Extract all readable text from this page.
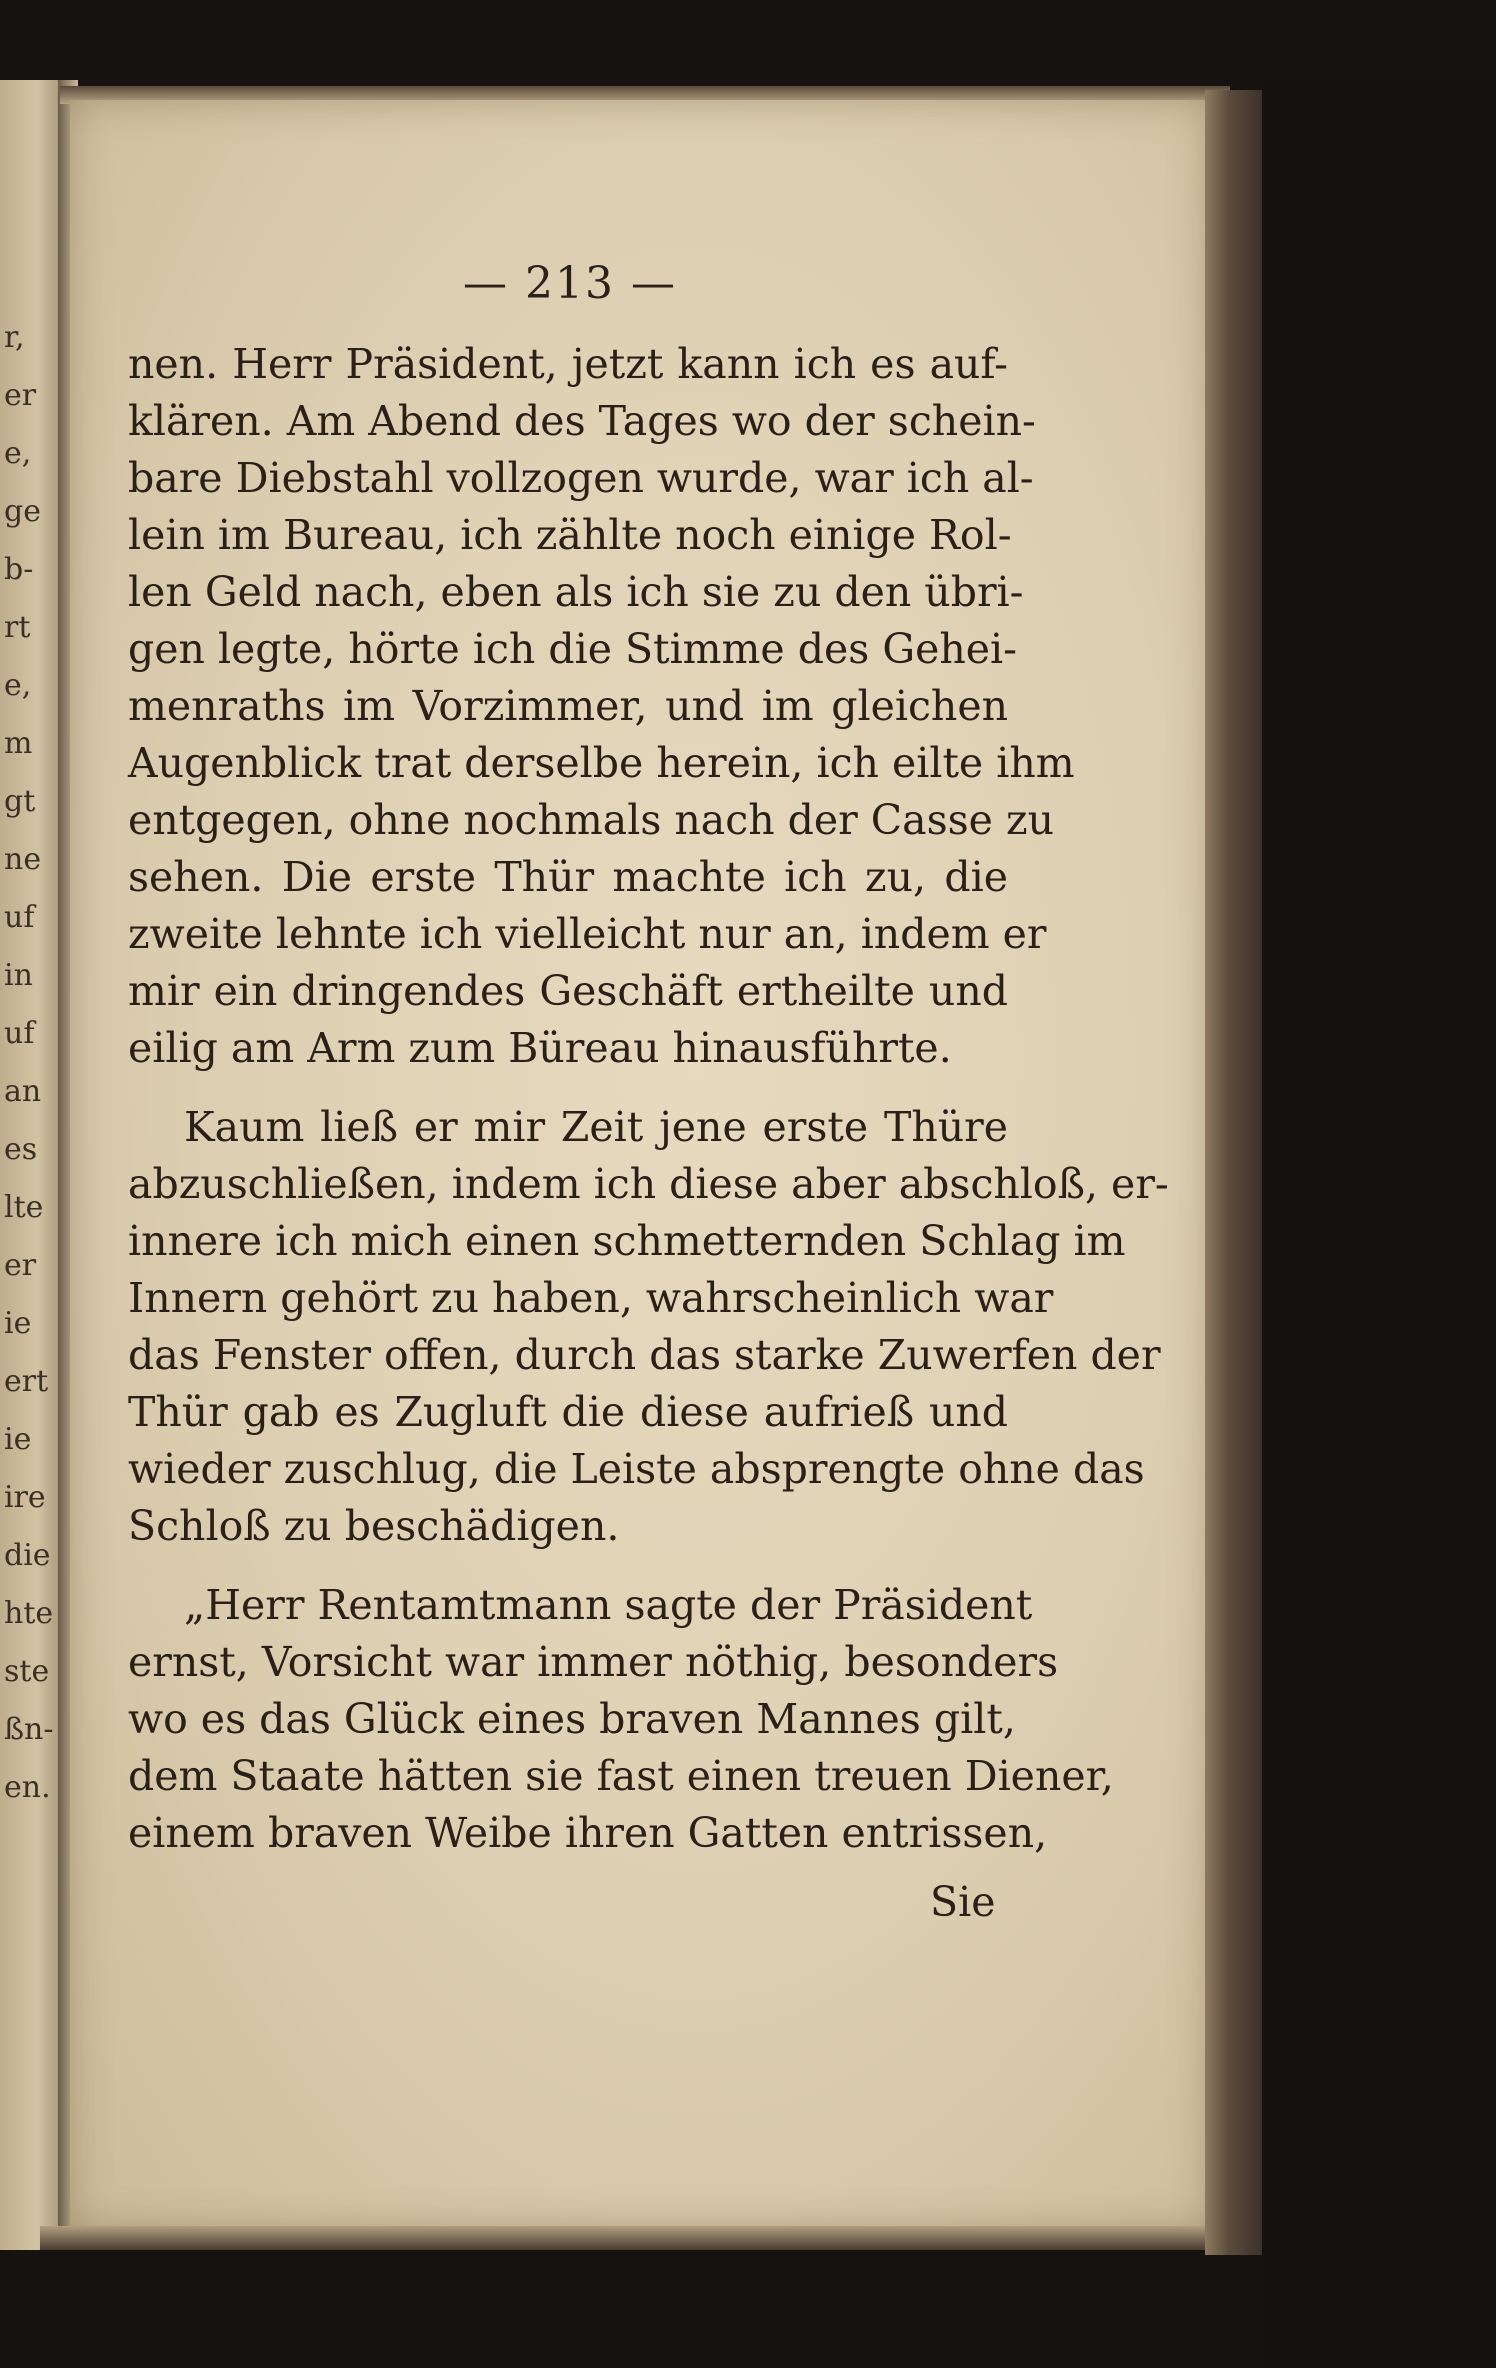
r,
er
e,
ge
b-
rt
e,
m
gt
ne
uf
in
uf
an
es
lte
er
ie
ert
ie
ire
die
hte
ste
ßn-
en.
— 213 —
nen. Herr Präsident, jetzt kann ich es auf-
klären. Am Abend des Tages wo der schein-
bare Diebstahl vollzogen wurde, war ich al-
lein im Bureau, ich zählte noch einige Rol-
len Geld nach, eben als ich sie zu den übri-
gen legte, hörte ich die Stimme des Gehei-
menraths im Vorzimmer, und im gleichen
Augenblick trat derselbe herein, ich eilte ihm
entgegen, ohne nochmals nach der Casse zu
sehen. Die erste Thür machte ich zu, die
zweite lehnte ich vielleicht nur an, indem er
mir ein dringendes Geschäft ertheilte und
eilig am Arm zum Büreau hinausführte.
Kaum ließ er mir Zeit jene erste Thüre
abzuschließen, indem ich diese aber abschloß, er-
innere ich mich einen schmetternden Schlag im
Innern gehört zu haben, wahrscheinlich war
das Fenster offen, durch das starke Zuwerfen der
Thür gab es Zugluft die diese aufrieß und
wieder zuschlug, die Leiste absprengte ohne das
Schloß zu beschädigen.
„Herr Rentamtmann sagte der Präsident
ernst, Vorsicht war immer nöthig, besonders
wo es das Glück eines braven Mannes gilt,
dem Staate hätten sie fast einen treuen Diener,
einem braven Weibe ihren Gatten entrissen,
Sie
